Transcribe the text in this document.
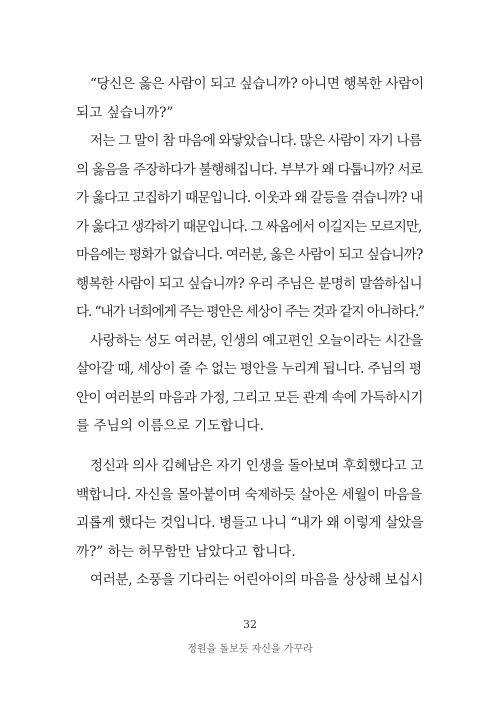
“당신은 옳은 사람이 되고 싶습니까? 아니면 행복한 사람이
되고 싶습니까?”

저는 그 말이 참 마음에 와닿았습니다. 많은 사람이 자기 나름
의 옳음을 주장하다가 불행해집니다. 부부가 왜 다툽니까? 서로
가 옳다고 고집하기 때문입니다. 이웃과 왜 갈등을 겪습니까? 내
가 옳다고 생각하기 때문입니다. 그 싸움에서 이길지는 모르지만,
마음에는 평화가 없습니다. 여러분, 옳은 사람이 되고 싶습니까?
행복한 사람이 되고 싶습니까? 우리 주님은 분명히 말씀하십니
다. “내가 너희에게 주는 평안은 세상이 주는 것과 같지 아니하다.”

사랑하는 성도 여러분, 인생의 예고편인 오늘이라는 시간을
살아갈 때, 세상이 줄 수 없는 평안을 누리게 됩니다. 주님의 평
안이 여러분의 마음과 가정, 그리고 모든 관계 속에 가득하시기
를 주님의 이름으로 기도합니다.

정신과 의사 김혜남은 자기 인생을 돌아보며 후회했다고 고
백합니다. 자신을 몰아붙이며 숙제하듯 살아온 세월이 마음을
괴롭게 했다는 것입니다. 병들고 나니 “내가 왜 이렇게 살았을
까?” 하는 허무함만 남았다고 합니다.

여러분, 소풍을 기다리는 어린아이의 마음을 상상해 보십시

32
정원을 돌보듯 자신을 가꾸라
